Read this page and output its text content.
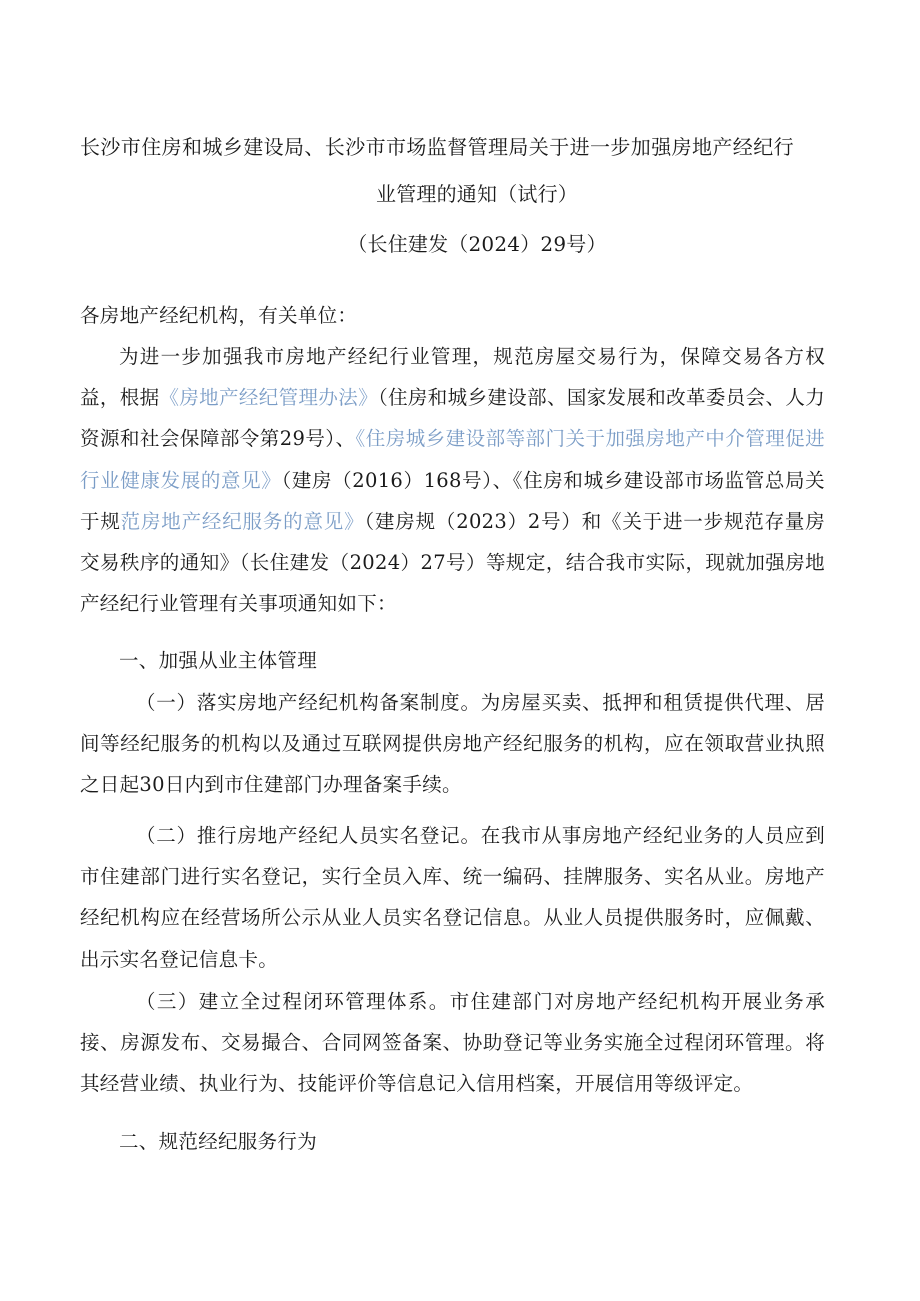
长沙市住房和城乡建设局、长沙市市场监督管理局关于进一步加强房地产经纪行
业管理的通知（试行）
（长住建发（2024）29号）
各房地产经纪机构，有关单位：
为进一步加强我市房地产经纪行业管理，规范房屋交易行为，保障交易各方权益，根据《房地产经纪管理办法》（住房和城乡建设部、国家发展和改革委员会、人力资源和社会保障部令第29号）、《住房城乡建设部等部门关于加强房地产中介管理促进行业健康发展的意见》（建房（2016）168号）、《住房和城乡建设部市场监管总局关于规范房地产经纪服务的意见》（建房规（2023）2号）和《关于进一步规范存量房交易秩序的通知》（长住建发（2024）27号）等规定，结合我市实际，现就加强房地产经纪行业管理有关事项通知如下：
一、加强从业主体管理
（一）落实房地产经纪机构备案制度。为房屋买卖、抵押和租赁提供代理、居间等经纪服务的机构以及通过互联网提供房地产经纪服务的机构，应在领取营业执照之日起30日内到市住建部门办理备案手续。
（二）推行房地产经纪人员实名登记。在我市从事房地产经纪业务的人员应到市住建部门进行实名登记，实行全员入库、统一编码、挂牌服务、实名从业。房地产经纪机构应在经营场所公示从业人员实名登记信息。从业人员提供服务时，应佩戴、出示实名登记信息卡。
（三）建立全过程闭环管理体系。市住建部门对房地产经纪机构开展业务承接、房源发布、交易撮合、合同网签备案、协助登记等业务实施全过程闭环管理。将其经营业绩、执业行为、技能评价等信息记入信用档案，开展信用等级评定。
二、规范经纪服务行为
